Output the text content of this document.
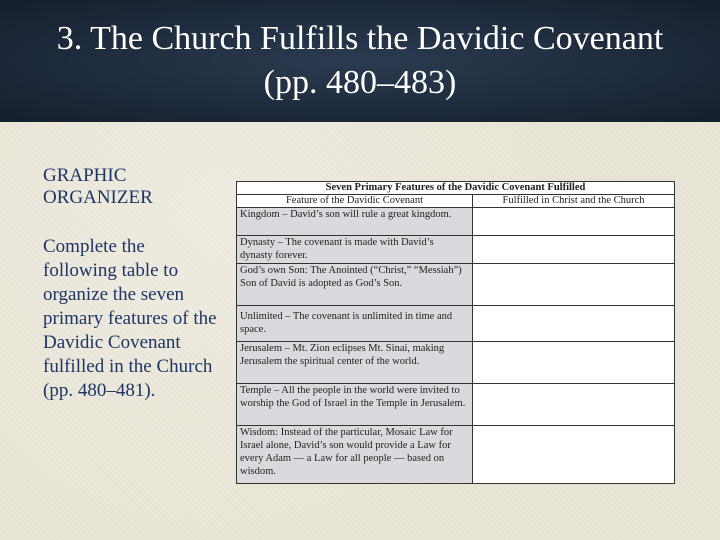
3. The Church Fulfills the Davidic Covenant (pp. 480–483)

GRAPHIC ORGANIZER

Complete the following table to organize the seven primary features of the Davidic Covenant fulfilled in the Church (pp. 480–481).

Seven Primary Features of the Davidic Covenant Fulfilled	
Feature of the Davidic Covenant	Fulfilled in Christ and the Church
Kingdom – David’s son will rule a great kingdom.	
Dynasty – The covenant is made with David’s dynasty forever.	
God’s own Son: The Anointed (“Christ,” “Messiah”) Son of David is adopted as God’s Son.	
Unlimited – The covenant is unlimited in time and space.	
Jerusalem – Mt. Zion eclipses Mt. Sinai, making Jerusalem the spiritual center of the world.	
Temple – All the people in the world were invited to worship the God of Israel in the Temple in Jerusalem.	
Wisdom: Instead of the particular, Mosaic Law for Israel alone, David’s son would provide a Law for every Adam — a Law for all people — based on wisdom.	
